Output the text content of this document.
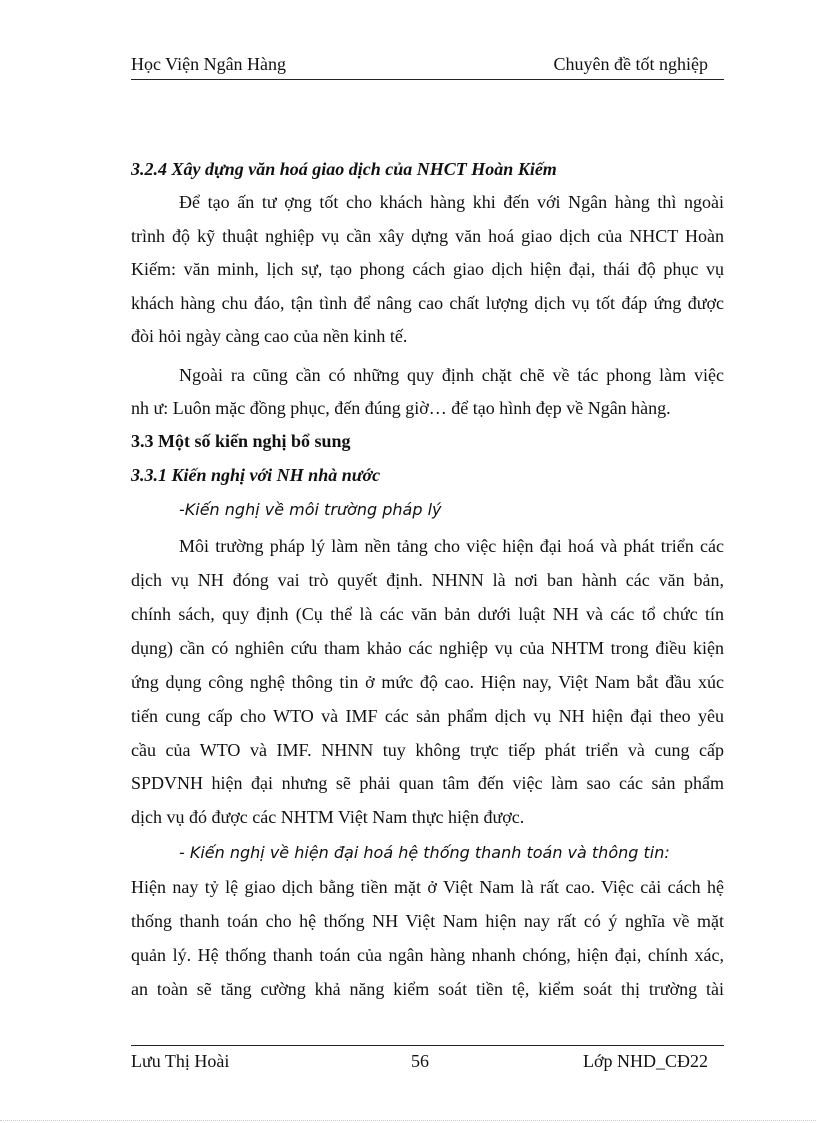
Học Viện Ngân Hàng	Chuyên đề tốt nghiệp
3.2.4 Xây dựng văn hoá giao dịch của NHCT Hoàn Kiếm
Để tạo ấn tư ợng tốt cho khách hàng khi đến với Ngân hàng thì ngoài
trình độ kỹ thuật nghiệp vụ cần xây dựng văn hoá giao dịch của NHCT Hoàn
Kiếm: văn minh, lịch sự, tạo phong cách giao dịch hiện đại, thái độ phục vụ
khách hàng chu đáo, tận tình để nâng cao chất lượng dịch vụ tốt đáp ứng được
đòi hỏi ngày càng cao của nền kinh tế.
Ngoài ra cũng cần có những quy định chặt chẽ về tác phong làm việc
nh ư: Luôn mặc đồng phục, đến đúng giờ… để tạo hình đẹp về Ngân hàng.
3.3 Một số kiến nghị bổ sung
3.3.1 Kiến nghị với NH nhà nước
-Kiến nghị về môi trường pháp lý
Môi trường pháp lý làm nền tảng cho việc hiện đại hoá và phát triển các
dịch vụ NH đóng vai trò quyết định. NHNN là nơi ban hành các văn bản,
chính sách, quy định (Cụ thể là các văn bản dưới luật NH và các tổ chức tín
dụng) cần có nghiên cứu tham khảo các nghiệp vụ của NHTM trong điều kiện
ứng dụng công nghệ thông tin ở mức độ cao. Hiện nay, Việt Nam bắt đầu xúc
tiến cung cấp cho WTO và IMF các sản phẩm dịch vụ NH hiện đại theo yêu
cầu của WTO và IMF. NHNN tuy không trực tiếp phát triển và cung cấp
SPDVNH hiện đại nhưng sẽ phải quan tâm đến việc làm sao các sản phẩm
dịch vụ đó được các NHTM Việt Nam thực hiện được.
- Kiến nghị về hiện đại hoá hệ thống thanh toán và thông tin:
Hiện nay tỷ lệ giao dịch bằng tiền mặt ở Việt Nam là rất cao. Việc cải cách hệ
thống thanh toán cho hệ thống NH Việt Nam hiện nay rất có ý nghĩa về mặt
quản lý. Hệ thống thanh toán của ngân hàng nhanh chóng, hiện đại, chính xác,
an toàn sẽ tăng cường khả năng kiểm soát tiền tệ, kiểm soát thị trường tài
Lưu Thị Hoài	56	Lớp NHD_CĐ22
